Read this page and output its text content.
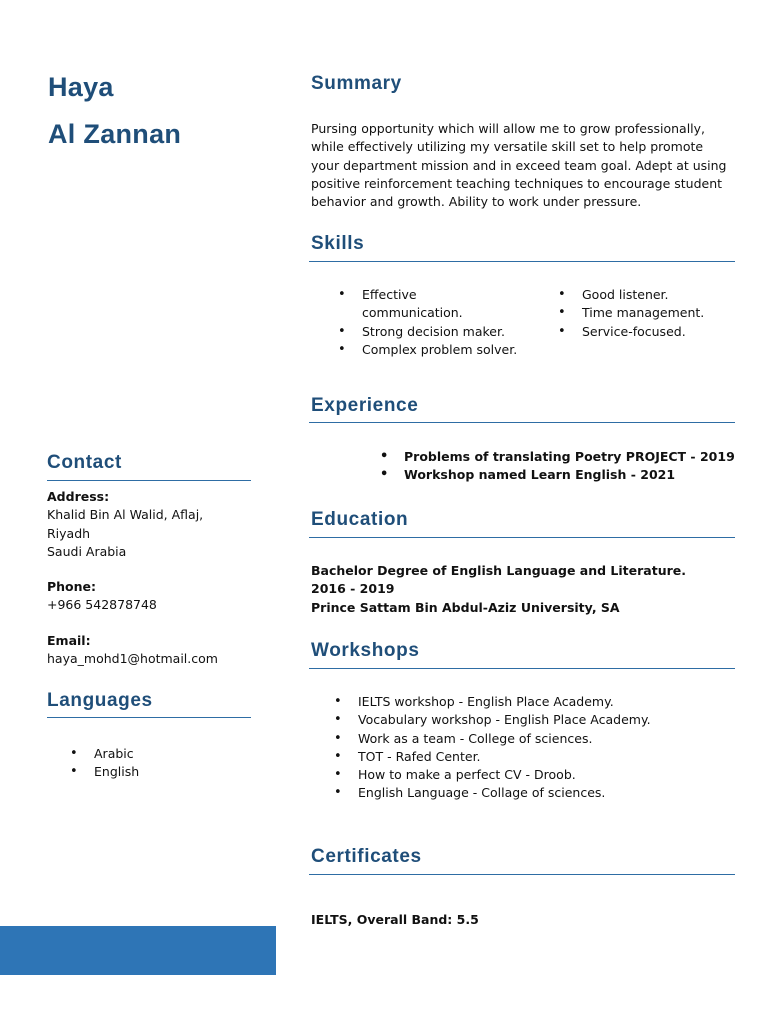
Haya
Al Zannan
Contact
Address:
Khalid Bin Al Walid, Aflaj,
Riyadh
Saudi Arabia
Phone:
+966 542878748
Email:
haya_mohd1@hotmail.com
Languages
• Arabic
• English
Summary
Pursing opportunity which will allow me to grow professionally, while effectively utilizing my versatile skill set to help promote your department mission and in exceed team goal. Adept at using positive reinforcement teaching techniques to encourage student behavior and growth. Ability to work under pressure.
Skills
• Effective communication.
• Strong decision maker.
• Complex problem solver.
• Good listener.
• Time management.
• Service-focused.
Experience
• Problems of translating Poetry PROJECT - 2019
• Workshop named Learn English - 2021
Education
Bachelor Degree of English Language and Literature.
2016 - 2019
Prince Sattam Bin Abdul-Aziz University, SA
Workshops
• IELTS workshop - English Place Academy.
• Vocabulary workshop - English Place Academy.
• Work as a team - College of sciences.
• TOT - Rafed Center.
• How to make a perfect CV - Droob.
• English Language - Collage of sciences.
Certificates
IELTS, Overall Band: 5.5
